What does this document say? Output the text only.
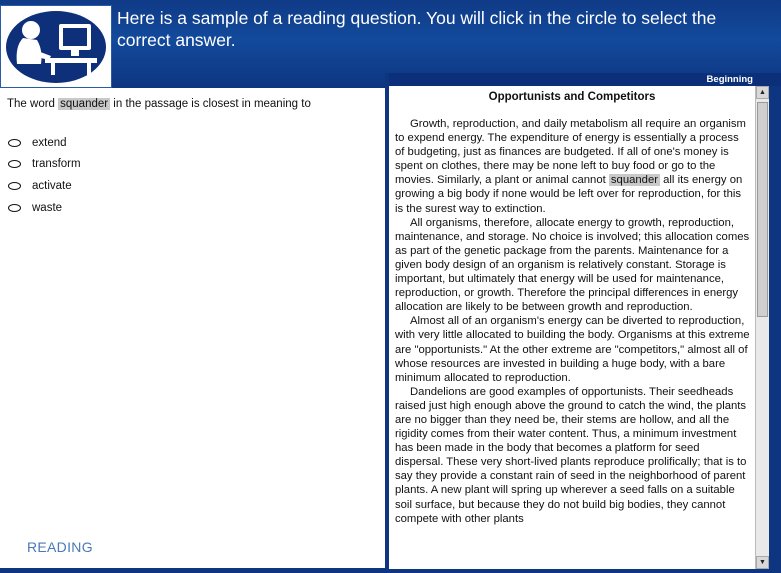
Here is a sample of a reading question. You will click in the circle to select the correct answer.
The word squander in the passage is closest in meaning to
extend
transform
activate
waste
READING
Beginning
Opportunists and Competitors

Growth, reproduction, and daily metabolism all require an organism to expend energy. The expenditure of energy is essentially a process of budgeting, just as finances are budgeted. If all of one's money is spent on clothes, there may be none left to buy food or go to the movies. Similarly, a plant or animal cannot squander all its energy on growing a big body if none would be left over for reproduction, for this is the surest way to extinction.

All organisms, therefore, allocate energy to growth, reproduction, maintenance, and storage. No choice is involved; this allocation comes as part of the genetic package from the parents. Maintenance for a given body design of an organism is relatively constant. Storage is important, but ultimately that energy will be used for maintenance, reproduction, or growth. Therefore the principal differences in energy allocation are likely to be between growth and reproduction.

Almost all of an organism's energy can be diverted to reproduction, with very little allocated to building the body. Organisms at this extreme are "opportunists." At the other extreme are "competitors," almost all of whose resources are invested in building a huge body, with a bare minimum allocated to reproduction.

Dandelions are good examples of opportunists. Their seedheads raised just high enough above the ground to catch the wind, the plants are no bigger than they need be, their stems are hollow, and all the rigidity comes from their water content. Thus, a minimum investment has been made in the body that becomes a platform for seed dispersal. These very short-lived plants reproduce prolifically; that is to say they provide a constant rain of seed in the neighborhood of parent plants. A new plant will spring up wherever a seed falls on a suitable soil surface, but because they do not build big bodies, they cannot compete with other plants

▲
▼
